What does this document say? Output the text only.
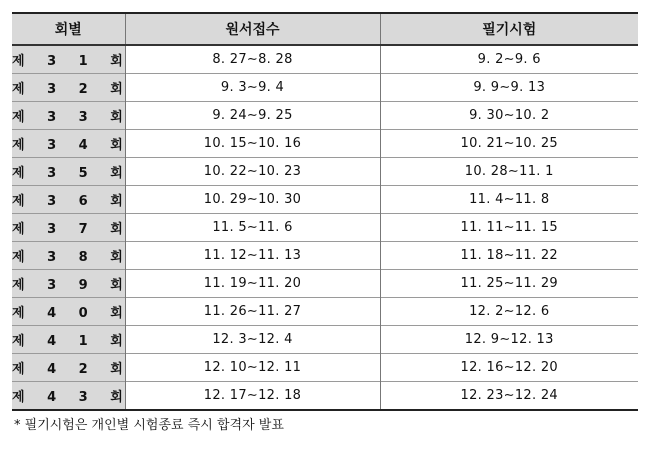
회별	원서접수	필기시험
제 3 1 회	8. 27∼8. 28	9. 2∼9. 6
제 3 2 회	9. 3∼9. 4	9. 9∼9. 13
제 3 3 회	9. 24∼9. 25	9. 30∼10. 2
제 3 4 회	10. 15∼10. 16	10. 21∼10. 25
제 3 5 회	10. 22∼10. 23	10. 28∼11. 1
제 3 6 회	10. 29∼10. 30	11. 4∼11. 8
제 3 7 회	11. 5∼11. 6	11. 11∼11. 15
제 3 8 회	11. 12∼11. 13	11. 18∼11. 22
제 3 9 회	11. 19∼11. 20	11. 25∼11. 29
제 4 0 회	11. 26∼11. 27	12. 2∼12. 6
제 4 1 회	12. 3∼12. 4	12. 9∼12. 13
제 4 2 회	12. 10∼12. 11	12. 16∼12. 20
제 4 3 회	12. 17∼12. 18	12. 23∼12. 24
* 필기시험은 개인별 시험종료 즉시 합격자 발표
